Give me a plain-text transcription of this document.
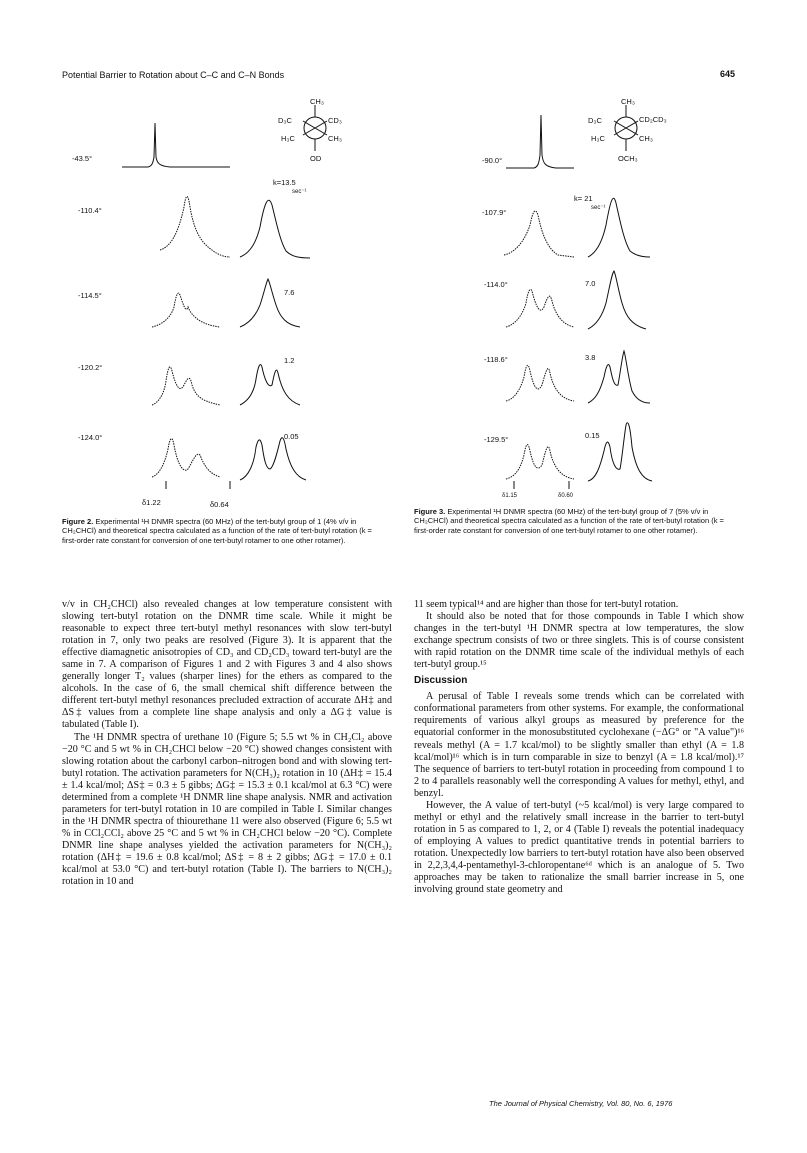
Potential Barrier to Rotation about C–C and C–N Bonds	645
CH₃
D₃C	CD₃
H₃C	CH₃
OD
-43.5°
-110.4°
-114.5°
-120.2°
-124.0°
k=13.5
sec⁻¹
7.6
1.2
0.05
δ1.22	δ0.64
Figure 2. Experimental ¹H DNMR spectra (60 MHz) of the tert-butyl group of 1 (4% v/v in CH₂CHCl) and theoretical spectra calculated as a function of the rate of tert-butyl rotation (k = first-order rate constant for conversion of one tert-butyl rotamer to one other rotamer).
CH₃
D₃C	CD₂CD₃
H₃C	CH₃
OCH₃
-90.0°
-107.9°
-114.0°
-118.6°
-129.5°
k= 21
sec⁻¹
7.0
3.8
0.15
δ1.15	δ0.60
Figure 3. Experimental ¹H DNMR spectra (60 MHz) of the tert-butyl group of 7 (5% v/v in CH₂CHCl) and theoretical spectra calculated as a function of the rate of tert-butyl rotation (k = first-order rate constant for conversion of one tert-butyl rotamer to one other rotamer).

v/v in CH₂CHCl) also revealed changes at low temperature consistent with slowing tert-butyl rotation on the DNMR time scale. While it might be reasonable to expect three tert-butyl methyl resonances with slow tert-butyl rotation in 7, only two peaks are resolved (Figure 3). It is apparent that the effective diamagnetic anisotropies of CD₃ and CD₂CD₃ toward tert-butyl are the same in 7. A comparison of Figures 1 and 2 with Figures 3 and 4 also shows generally longer T₂ values (sharper lines) for the ethers as compared to the alcohols. In the case of 6, the small chemical shift difference between the different tert-butyl methyl resonances precluded extraction of accurate ΔH‡ and ΔS‡ values from a complete line shape analysis and only a ΔG‡ value is tabulated (Table I).

The ¹H DNMR spectra of urethane 10 (Figure 5; 5.5 wt % in CH₂Cl₂ above −20 °C and 5 wt % in CH₂CHCl below −20 °C) showed changes consistent with slowing rotation about the carbonyl carbon–nitrogen bond and with slowing tert-butyl rotation. The activation parameters for N(CH₃)₂ rotation in 10 (ΔH‡ = 15.4 ± 1.4 kcal/mol; ΔS‡ = 0.3 ± 5 gibbs; ΔG‡ = 15.3 ± 0.1 kcal/mol at 6.3 °C) were determined from a complete ¹H DNMR line shape analysis. NMR and activation parameters for tert-butyl rotation in 10 are compiled in Table I. Similar changes in the ¹H DNMR spectra of thiourethane 11 were also observed (Figure 6; 5.5 wt % in CCl₂CCl₂ above 25 °C and 5 wt % in CH₂CHCl below −20 °C). Complete DNMR line shape analyses yielded the activation parameters for N(CH₃)₂ rotation (ΔH‡ = 19.6 ± 0.8 kcal/mol; ΔS‡ = 8 ± 2 gibbs; ΔG‡ = 17.0 ± 0.1 kcal/mol at 53.0 °C) and tert-butyl rotation (Table I). The barriers to N(CH₃)₂ rotation in 10 and

11 seem typical¹⁴ and are higher than those for tert-butyl rotation.

It should also be noted that for those compounds in Table I which show changes in the tert-butyl ¹H DNMR spectra at low temperatures, the slow exchange spectrum consists of two or three singlets. This is of course consistent with rapid rotation on the DNMR time scale of the individual methyls of each tert-butyl group.¹⁵

Discussion

A perusal of Table I reveals some trends which can be correlated with conformational parameters from other systems. For example, the conformational requirements of various alkyl groups as measured by preference for the equatorial conformer in the monosubstituted cyclohexane (−ΔG° or "A value")¹⁶ reveals methyl (A = 1.7 kcal/mol) to be slightly smaller than ethyl (A = 1.8 kcal/mol)¹⁶ which is in turn comparable in size to benzyl (A = 1.8 kcal/mol).¹⁷ The sequence of barriers to tert-butyl rotation in proceeding from compound 1 to 2 to 4 parallels reasonably well the corresponding A values for methyl, ethyl, and benzyl.

However, the A value of tert-butyl (~5 kcal/mol) is very large compared to methyl or ethyl and the relatively small increase in the barrier to tert-butyl rotation in 5 as compared to 1, 2, or 4 (Table I) reveals the potential inadequacy of employing A values to predict quantitative trends in potential barriers to rotation. Unexpectedly low barriers to tert-butyl rotation have also been observed in 2,2,3,4,4-pentamethyl-3-chloropentane⁶ᵈ which is an analogue of 5. Two approaches may be taken to rationalize the small barrier increase in 5, one involving ground state geometry and

The Journal of Physical Chemistry, Vol. 80, No. 6, 1976
